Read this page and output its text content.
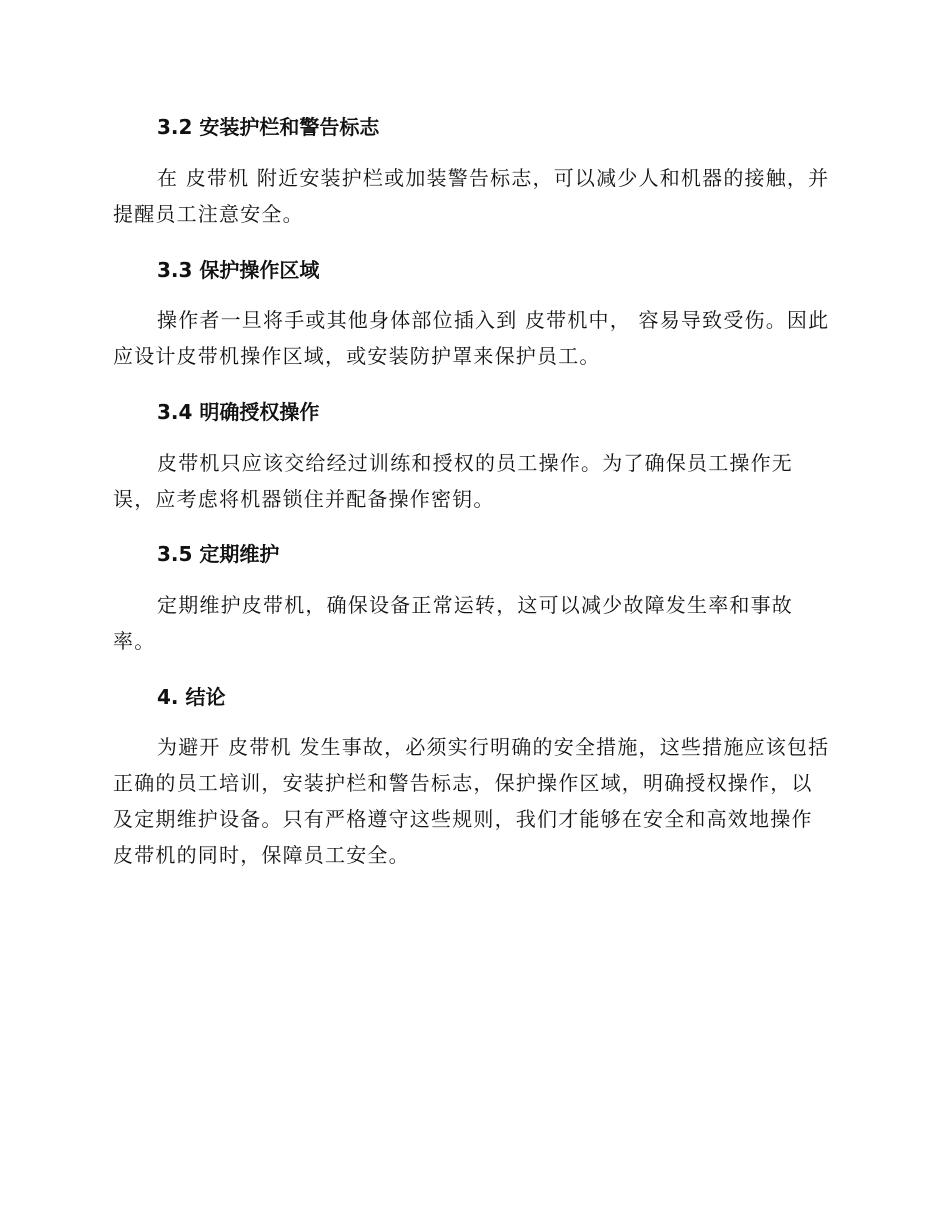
3.2 安装护栏和警告标志
在 皮带机 附近安装护栏或加装警告标志，可以减少人和机器的接触，并提醒员工注意安全。
3.3 保护操作区域
操作者一旦将手或其他身体部位插入到 皮带机中， 容易导致受伤。因此应设计皮带机操作区域，或安装防护罩来保护员工。
3.4 明确授权操作
皮带机只应该交给经过训练和授权的员工操作。为了确保员工操作无误，应考虑将机器锁住并配备操作密钥。
3.5 定期维护
定期维护皮带机，确保设备正常运转，这可以减少故障发生率和事故率。
4. 结论
为避开 皮带机 发生事故，必须实行明确的安全措施，这些措施应该包括正确的员工培训，安装护栏和警告标志，保护操作区域，明确授权操作，以及定期维护设备。只有严格遵守这些规则，我们才能够在安全和高效地操作皮带机的同时，保障员工安全。
